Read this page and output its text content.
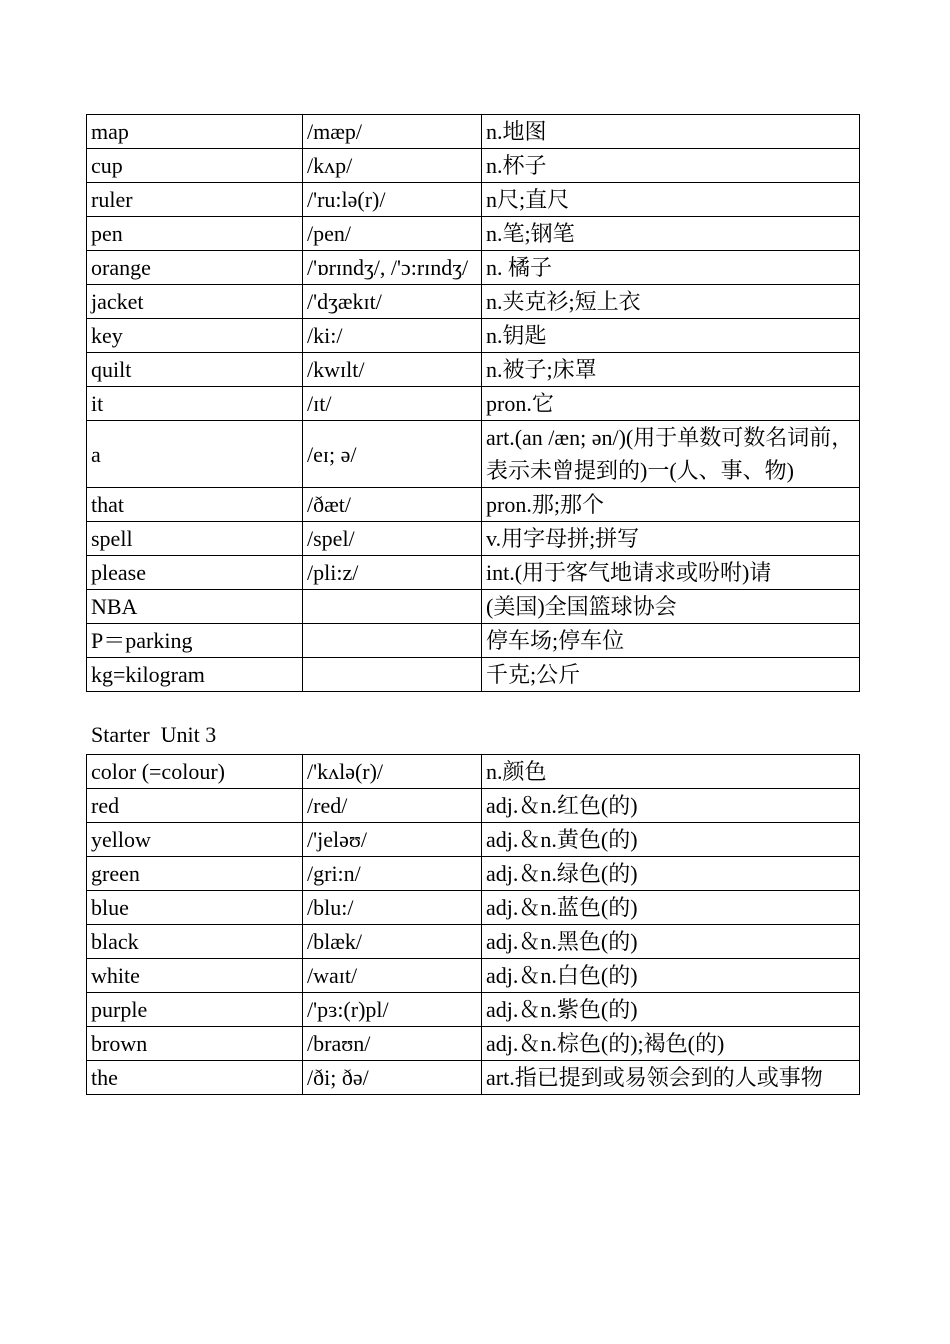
map	/mæp/	n.地图
cup	/kʌp/	n.杯子
ruler	/'ru:lə(r)/	n尺;直尺
pen	/pen/	n.笔;钢笔
orange	/'ɒrɪndʒ/, /'ɔ:rɪndʒ/	n. 橘子
jacket	/'dʒækɪt/	n.夹克衫;短上衣
key	/ki:/	n.钥匙
quilt	/kwɪlt/	n.被子;床罩
it	/ɪt/	pron.它
a	/eɪ; ə/	art.(an /æn; ən/)(用于单数可数名词前，表示未曾提到的)一(人、事、物)
that	/ðæt/	pron.那;那个
spell	/spel/	v.用字母拼;拼写
please	/pli:z/	int.(用于客气地请求或吩咐)请
NBA		(美国)全国篮球协会
P＝parking		停车场;停车位
kg=kilogram		千克;公斤
Starter  Unit 3
color (=colour)	/'kʌlə(r)/	n.颜色
red	/red/	adj.＆n.红色(的)
yellow	/'jeləʊ/	adj.＆n.黄色(的)
green	/gri:n/	adj.＆n.绿色(的)
blue	/blu:/	adj.＆n.蓝色(的)
black	/blæk/	adj.＆n.黑色(的)
white	/waɪt/	adj.＆n.白色(的)
purple	/'pɜ:(r)pl/	adj.＆n.紫色(的)
brown	/braʊn/	adj.＆n.棕色(的);褐色(的)
the	/ði; ðə/	art.指已提到或易领会到的人或事物
